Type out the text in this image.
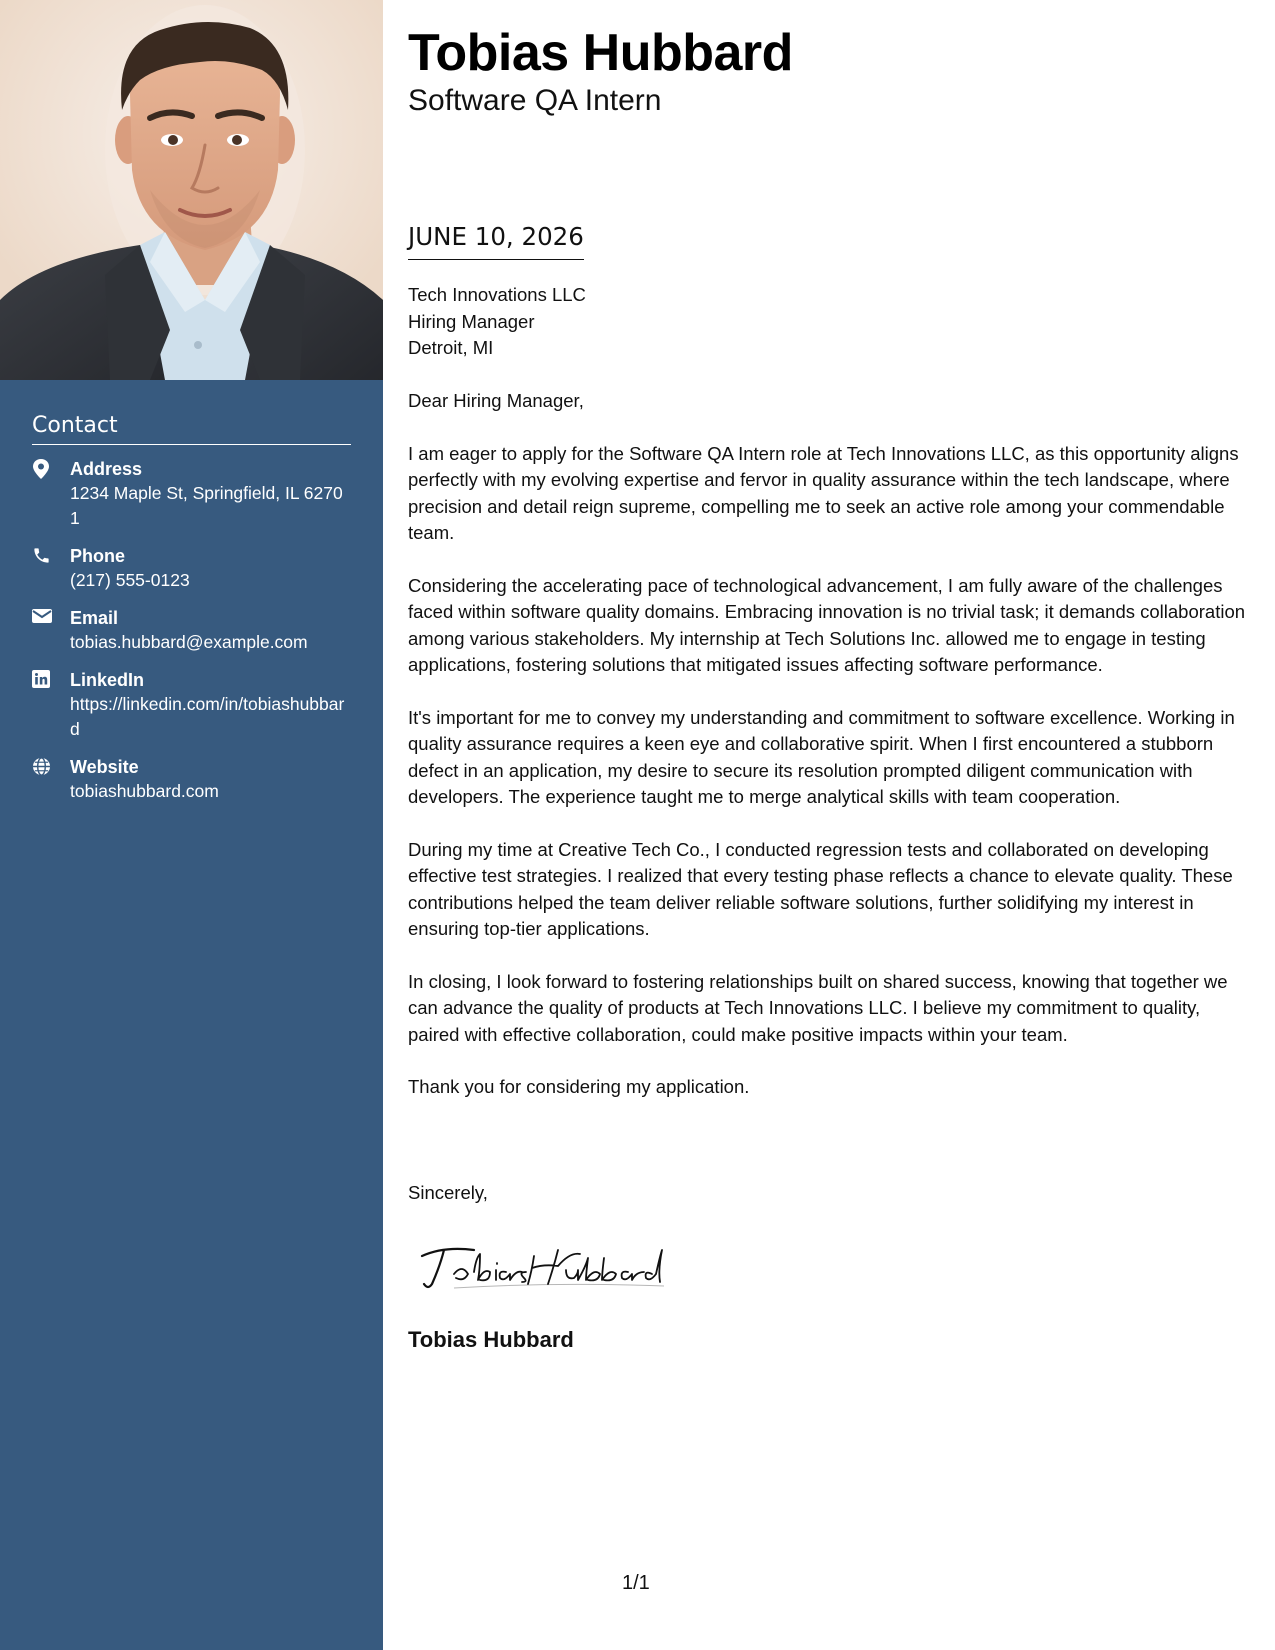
Contact
Address
1234 Maple St, Springfield, IL 62701
Phone
(217) 555-0123
Email
tobias.hubbard@example.com
LinkedIn
https://linkedin.com/in/tobiashubbard
Website
tobiashubbard.com
Tobias Hubbard
Software QA Intern
JUNE 10, 2026
Tech Innovations LLC
Hiring Manager
Detroit, MI

Dear Hiring Manager,

I am eager to apply for the Software QA Intern role at Tech Innovations LLC, as this opportunity aligns perfectly with my evolving expertise and fervor in quality assurance within the tech landscape, where precision and detail reign supreme, compelling me to seek an active role among your commendable team.

Considering the accelerating pace of technological advancement, I am fully aware of the challenges faced within software quality domains. Embracing innovation is no trivial task; it demands collaboration among various stakeholders. My internship at Tech Solutions Inc. allowed me to engage in testing applications, fostering solutions that mitigated issues affecting software performance.

It's important for me to convey my understanding and commitment to software excellence. Working in quality assurance requires a keen eye and collaborative spirit. When I first encountered a stubborn defect in an application, my desire to secure its resolution prompted diligent communication with developers. The experience taught me to merge analytical skills with team cooperation.

During my time at Creative Tech Co., I conducted regression tests and collaborated on developing effective test strategies. I realized that every testing phase reflects a chance to elevate quality. These contributions helped the team deliver reliable software solutions, further solidifying my interest in ensuring top-tier applications.

In closing, I look forward to fostering relationships built on shared success, knowing that together we can advance the quality of products at Tech Innovations LLC. I believe my commitment to quality, paired with effective collaboration, could make positive impacts within your team.

Thank you for considering my application.

Sincerely,
Tobias Hubbard
1/1
